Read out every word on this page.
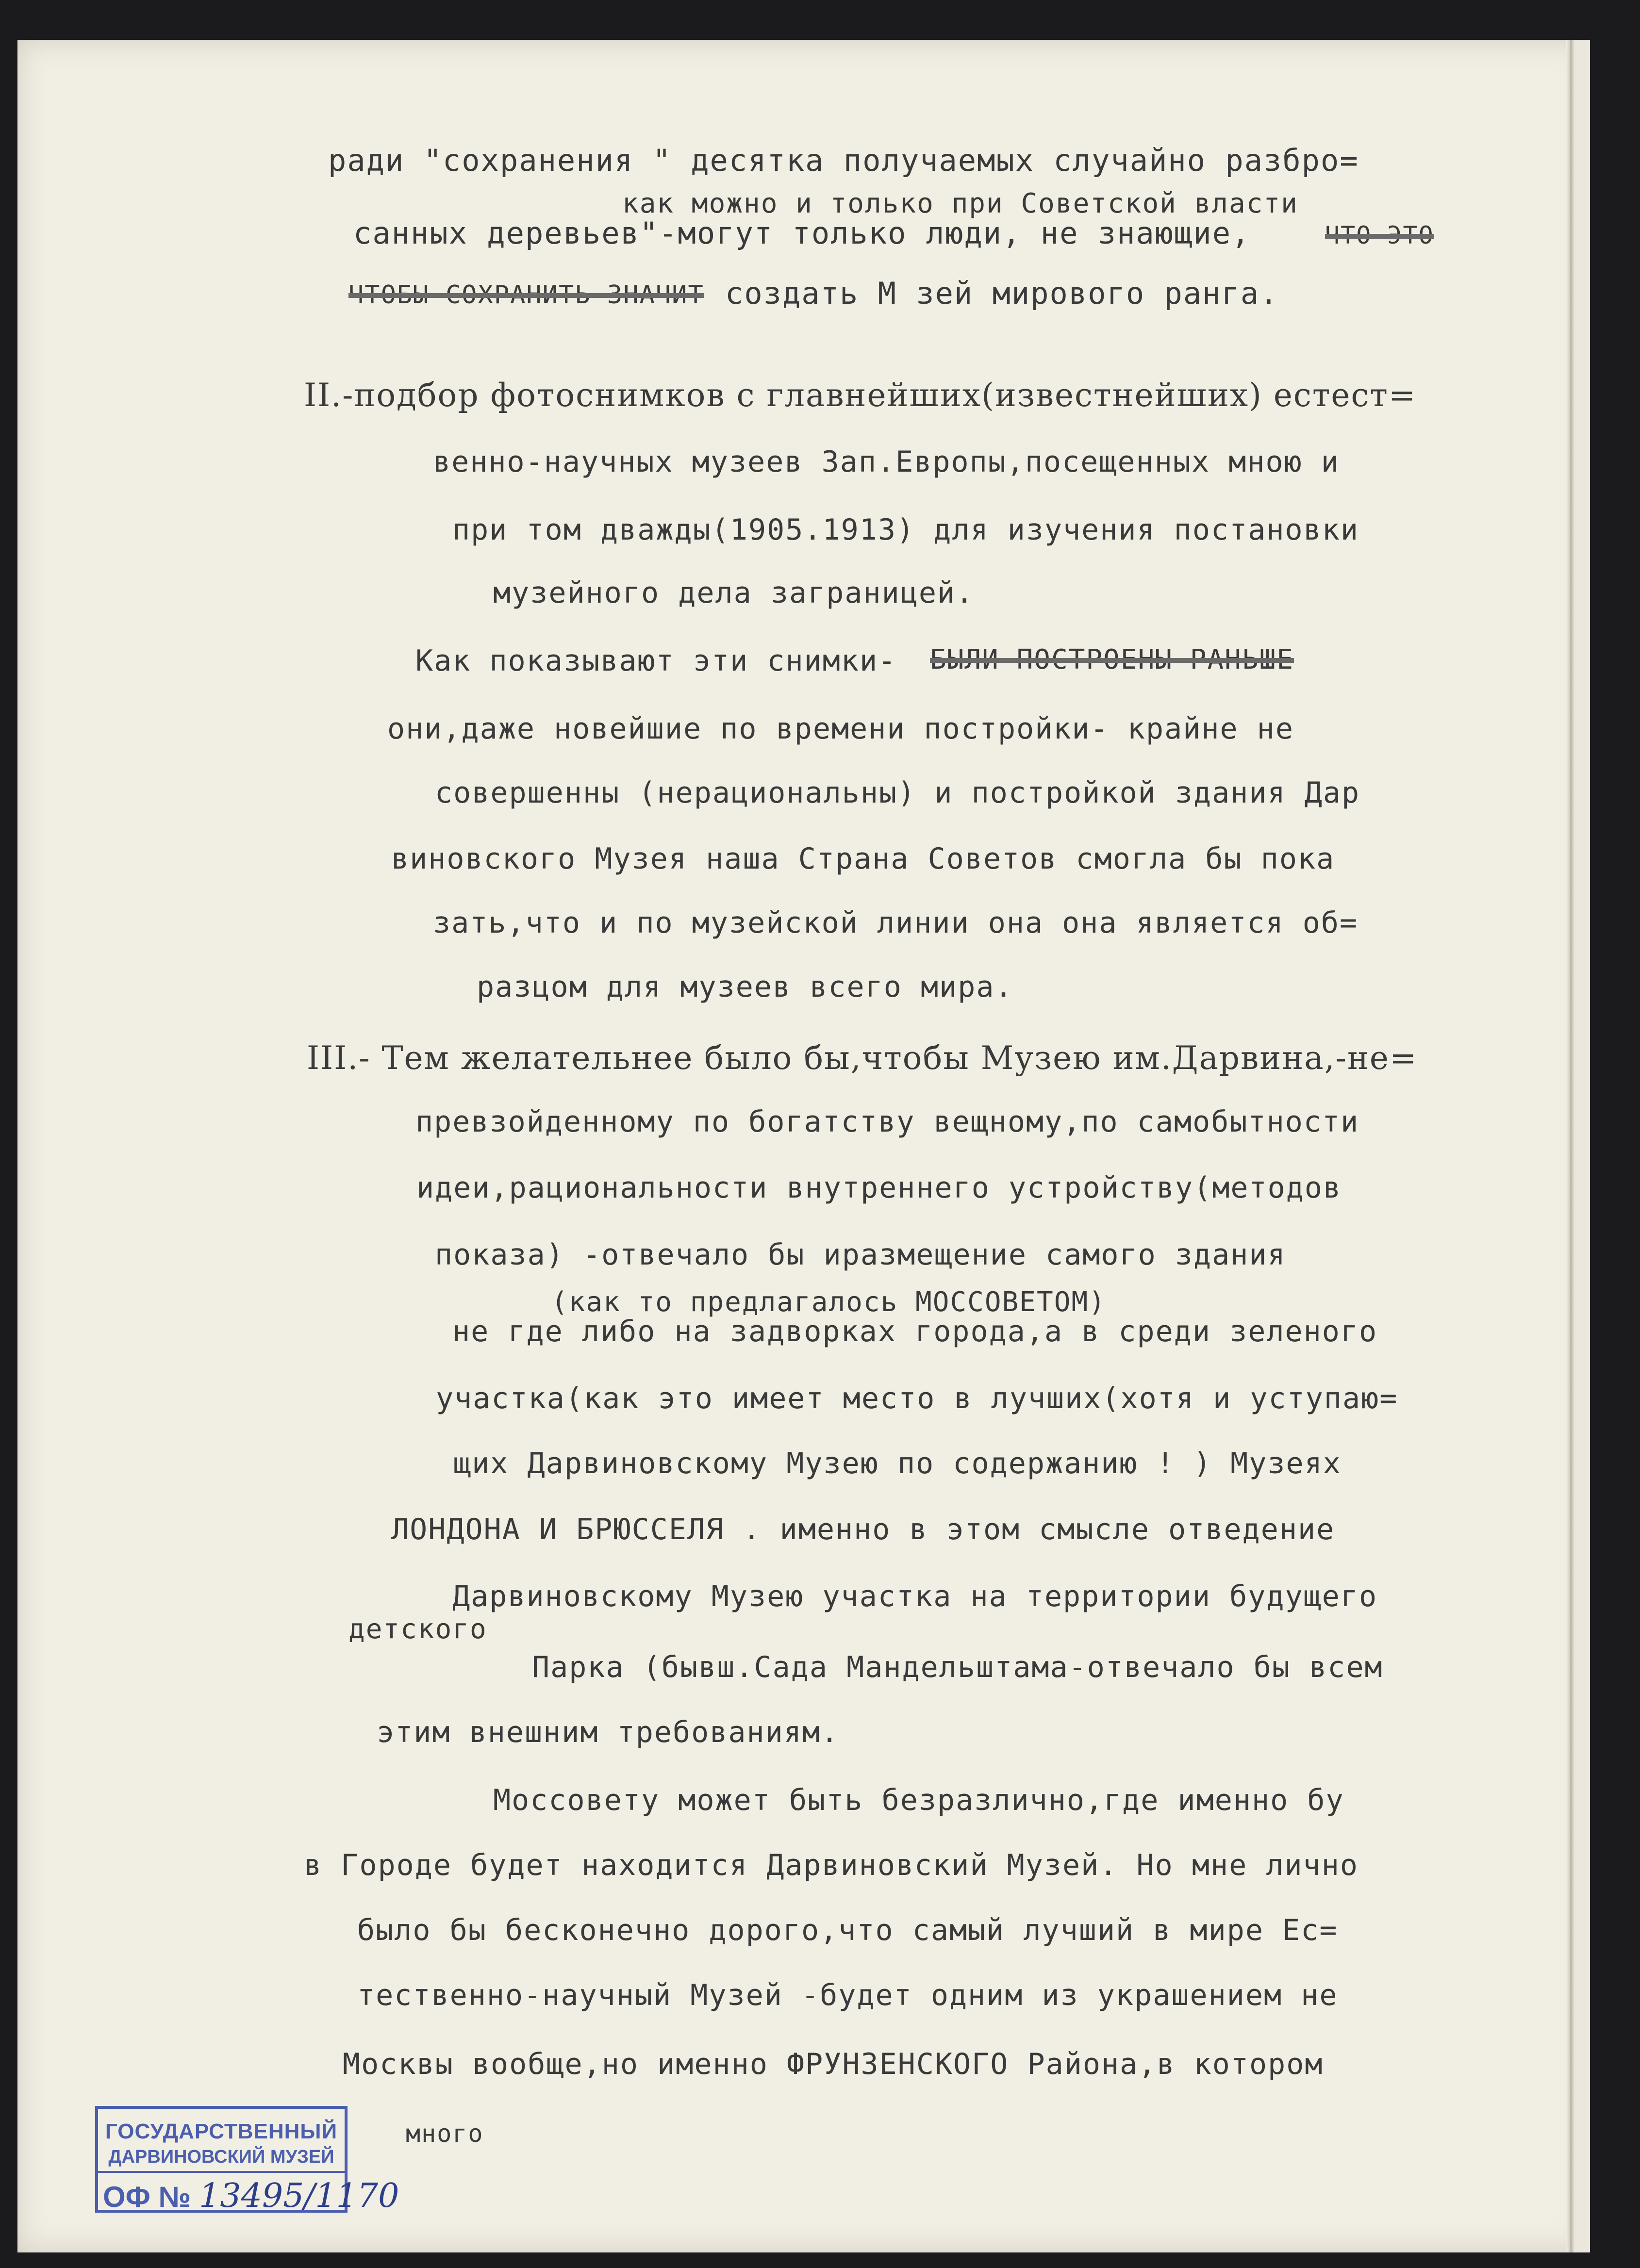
ради "сохранения " десятка получаемых случайно разбро=
как можно и только при Советской власти
санных деревьев"-могут только люди, не знающие,	ЧТО ЭТО
ЧТОБЫ СОХРАНИТЬ ЗНАЧИТ создать М зей мирового ранга.
II.-подбор фотоснимков с главнейших(известнейших) естест=
венно-научных музеев Зап.Европы,посещенных мною и
при том дважды(1905.1913) для изучения постановки
музейного дела заграницей.
Как показывают эти снимки- БЫЛИ ПОСТРОЕНЫ РАНЬШЕ
они,даже новейшие по времени постройки- крайне не
совершенны (нерациональны) и постройкой здания Дар
виновского Музея наша Страна Советов смогла бы пока
зать,что и по музейской линии она она является об=
разцом для музеев всего мира.
III.- Тем желательнее было бы,чтобы Музею им.Дарвина,-не=
превзойденному по богатству вещному,по самобытности
идеи,рациональности внутреннего устройству(методов
показа) -отвечало бы иразмещение самого здания
(как то предлагалось МОССОВЕТОМ)
не где либо на задворках города,а в среди зеленого
участка(как это имеет место в лучших(хотя и уступаю=
щих Дарвиновскому Музею по содержанию ! ) Музеях
ЛОНДОНА И БРЮССЕЛЯ . именно в этом смысле отведение
Дарвиновскому Музею участка на территории будущего
детского
Парка (бывш.Сада Мандельштама-отвечало бы всем
этим внешним требованиям.
Моссовету может быть безразлично,где именно бу
в Городе будет находится Дарвиновский Музей. Но мне лично
было бы бесконечно дорого,что самый лучший в мире Ес=
тественно-научный Музей -будет одним из украшением не
Москвы вообще,но именно ФРУНЗЕНСКОГО Района,в котором
много
ГОСУДАРСТВЕННЫЙ
ДАРВИНОВСКИЙ МУЗЕЙ
ОФ № 13495/1170
